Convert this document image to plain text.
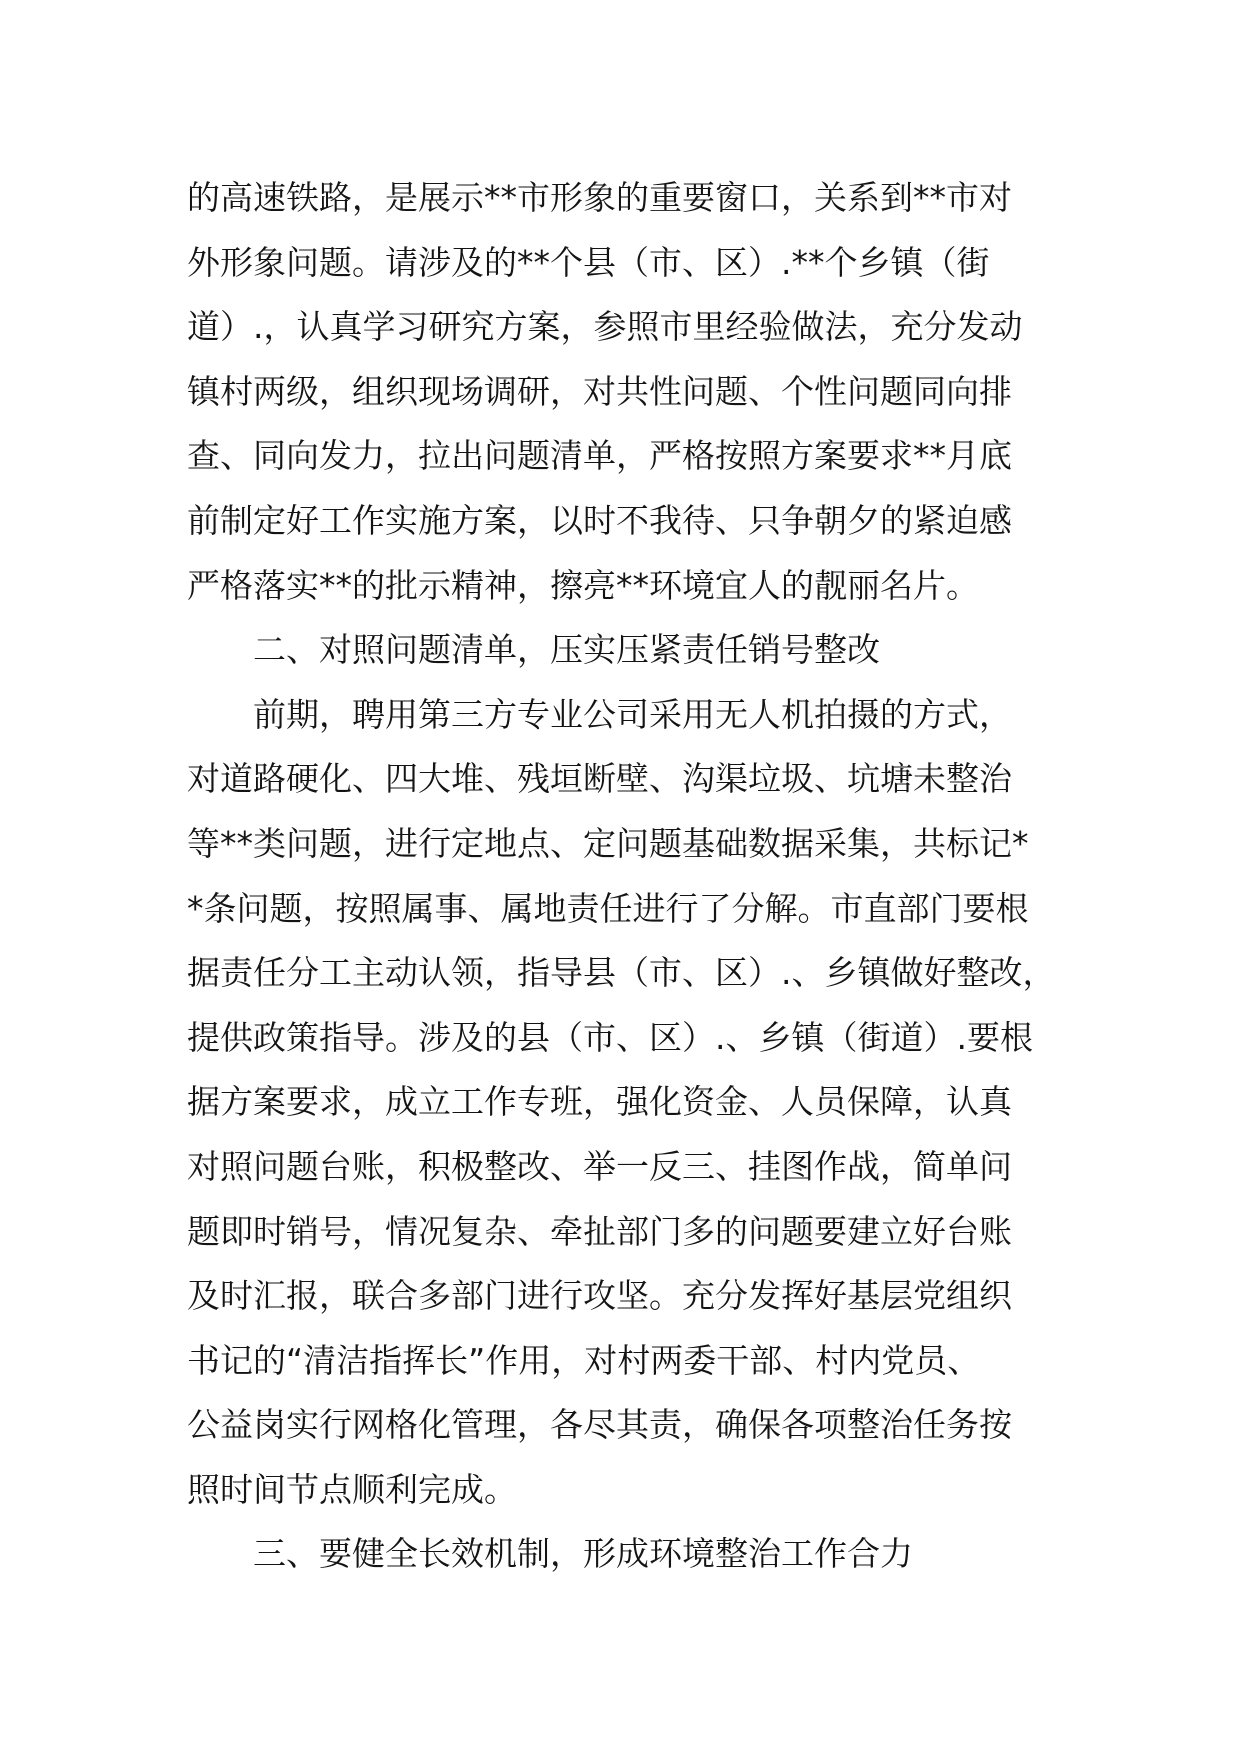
的高速铁路，是展示**市形象的重要窗口，关系到**市对
外形象问题。请涉及的**个县（市、区）.**个乡镇（街
道）.，认真学习研究方案，参照市里经验做法，充分发动
镇村两级，组织现场调研，对共性问题、个性问题同向排
查、同向发力，拉出问题清单，严格按照方案要求**月底
前制定好工作实施方案，以时不我待、只争朝夕的紧迫感
严格落实**的批示精神，擦亮**环境宜人的靓丽名片。
二、对照问题清单，压实压紧责任销号整改
前期，聘用第三方专业公司采用无人机拍摄的方式，
对道路硬化、四大堆、残垣断壁、沟渠垃圾、坑塘未整治
等**类问题，进行定地点、定问题基础数据采集，共标记*
*条问题，按照属事、属地责任进行了分解。市直部门要根
据责任分工主动认领，指导县（市、区）.、乡镇做好整改，
提供政策指导。涉及的县（市、区）.、乡镇（街道）.要根
据方案要求，成立工作专班，强化资金、人员保障，认真
对照问题台账，积极整改、举一反三、挂图作战，简单问
题即时销号，情况复杂、牵扯部门多的问题要建立好台账
及时汇报，联合多部门进行攻坚。充分发挥好基层党组织
书记的“清洁指挥长”作用，对村两委干部、村内党员、
公益岗实行网格化管理，各尽其责，确保各项整治任务按
照时间节点顺利完成。
三、要健全长效机制，形成环境整治工作合力
